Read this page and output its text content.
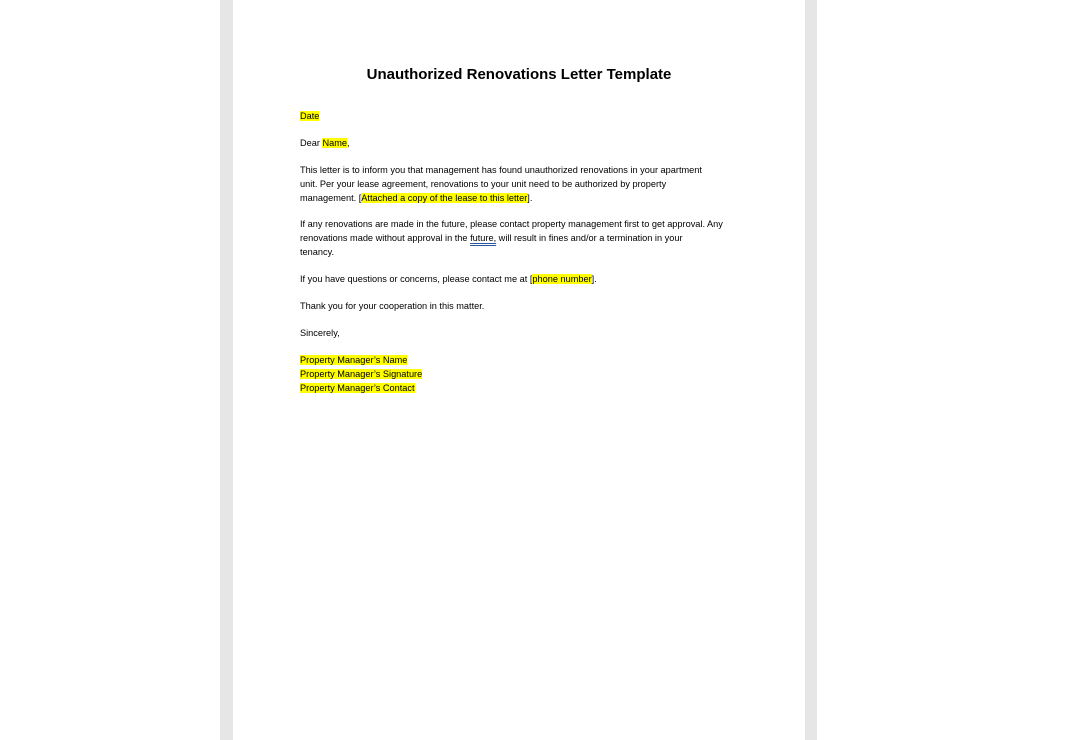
Unauthorized Renovations Letter Template
Date
Dear Name,
This letter is to inform you that management has found unauthorized renovations in your apartment
unit. Per your lease agreement, renovations to your unit need to be authorized by property
management. [Attached a copy of the lease to this letter].
If any renovations are made in the future, please contact property management first to get approval. Any
renovations made without approval in the future, will result in fines and/or a termination in your
tenancy.
If you have questions or concerns, please contact me at [phone number].
Thank you for your cooperation in this matter.
Sincerely,
Property Manager’s Name
Property Manager’s Signature
Property Manager’s Contact
